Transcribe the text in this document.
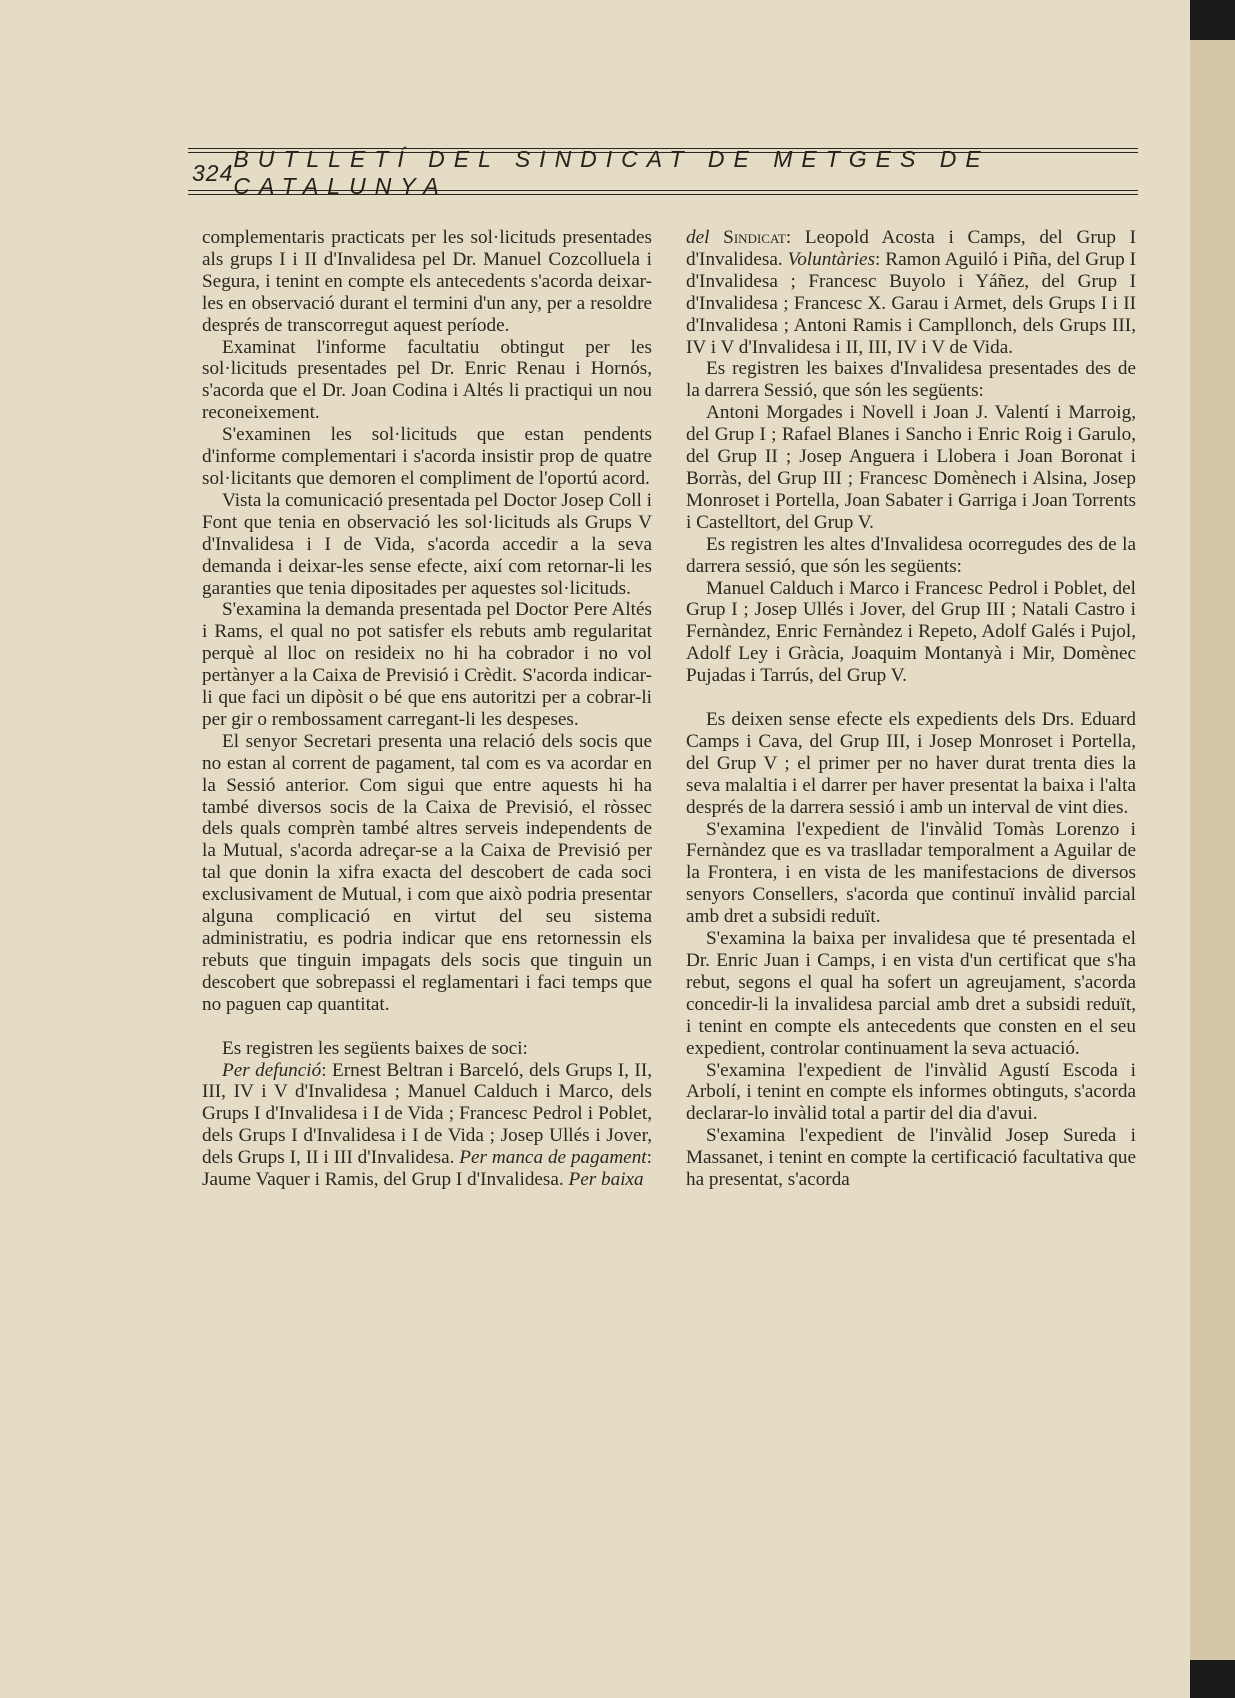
324
BUTLLETÍ DEL SINDICAT DE METGES DE CATALUNYA

complementaris practicats per les sol·licituds presentades als grups I i II d'Invalidesa pel Dr. Manuel Cozcolluela i Segura, i tenint en compte els antecedents s'acorda deixar-les en observació durant el termini d'un any, per a resoldre després de transcorregut aquest període.

Examinat l'informe facultatiu obtingut per les sol·licituds presentades pel Dr. Enric Renau i Hornós, s'acorda que el Dr. Joan Codina i Altés li practiqui un nou reconeixement.

S'examinen les sol·licituds que estan pendents d'informe complementari i s'acorda insistir prop de quatre sol·licitants que demoren el compliment de l'oportú acord.

Vista la comunicació presentada pel Doctor Josep Coll i Font que tenia en observació les sol·licituds als Grups V d'Invalidesa i I de Vida, s'acorda accedir a la seva demanda i deixar-les sense efecte, així com retornar-li les garanties que tenia dipositades per aquestes sol·licituds.

S'examina la demanda presentada pel Doctor Pere Altés i Rams, el qual no pot satisfer els rebuts amb regularitat perquè al lloc on resideix no hi ha cobrador i no vol pertànyer a la Caixa de Previsió i Crèdit. S'acorda indicar-li que faci un dipòsit o bé que ens autoritzi per a cobrar-li per gir o rembossament carregant-li les despeses.

El senyor Secretari presenta una relació dels socis que no estan al corrent de pagament, tal com es va acordar en la Sessió anterior. Com sigui que entre aquests hi ha també diversos socis de la Caixa de Previsió, el ròssec dels quals comprèn també altres serveis independents de la Mutual, s'acorda adreçar-se a la Caixa de Previsió per tal que donin la xifra exacta del descobert de cada soci exclusivament de Mutual, i com que això podria presentar alguna complicació en virtut del seu sistema administratiu, es podria indicar que ens retornessin els rebuts que tinguin impagats dels socis que tinguin un descobert que sobrepassi el reglamentari i faci temps que no paguen cap quantitat.

Es registren les següents baixes de soci:

Per defunció: Ernest Beltran i Barceló, dels Grups I, II, III, IV i V d'Invalidesa ; Manuel Calduch i Marco, dels Grups I d'Invalidesa i I de Vida ; Francesc Pedrol i Poblet, dels Grups I d'Invalidesa i I de Vida ; Josep Ullés i Jover, dels Grups I, II i III d'Invalidesa. Per manca de pagament: Jaume Vaquer i Ramis, del Grup I d'Invalidesa. Per baixa

del Sindicat: Leopold Acosta i Camps, del Grup I d'Invalidesa. Voluntàries: Ramon Aguiló i Piña, del Grup I d'Invalidesa ; Francesc Buyolo i Yáñez, del Grup I d'Invalidesa ; Francesc X. Garau i Armet, dels Grups I i II d'Invalidesa ; Antoni Ramis i Campllonch, dels Grups III, IV i V d'Invalidesa i II, III, IV i V de Vida.

Es registren les baixes d'Invalidesa presentades des de la darrera Sessió, que són les següents:

Antoni Morgades i Novell i Joan J. Valentí i Marroig, del Grup I ; Rafael Blanes i Sancho i Enric Roig i Garulo, del Grup II ; Josep Anguera i Llobera i Joan Boronat i Borràs, del Grup III ; Francesc Domènech i Alsina, Josep Monroset i Portella, Joan Sabater i Garriga i Joan Torrents i Castelltort, del Grup V.

Es registren les altes d'Invalidesa ocorregudes des de la darrera sessió, que són les següents:

Manuel Calduch i Marco i Francesc Pedrol i Poblet, del Grup I ; Josep Ullés i Jover, del Grup III ; Natali Castro i Fernàndez, Enric Fernàndez i Repeto, Adolf Galés i Pujol, Adolf Ley i Gràcia, Joaquim Montanyà i Mir, Domènec Pujadas i Tarrús, del Grup V.

Es deixen sense efecte els expedients dels Drs. Eduard Camps i Cava, del Grup III, i Josep Monroset i Portella, del Grup V ; el primer per no haver durat trenta dies la seva malaltia i el darrer per haver presentat la baixa i l'alta després de la darrera sessió i amb un interval de vint dies.

S'examina l'expedient de l'invàlid Tomàs Lorenzo i Fernàndez que es va traslladar temporalment a Aguilar de la Frontera, i en vista de les manifestacions de diversos senyors Consellers, s'acorda que continuï invàlid parcial amb dret a subsidi reduït.

S'examina la baixa per invalidesa que té presentada el Dr. Enric Juan i Camps, i en vista d'un certificat que s'ha rebut, segons el qual ha sofert un agreujament, s'acorda concedir-li la invalidesa parcial amb dret a subsidi reduït, i tenint en compte els antecedents que consten en el seu expedient, controlar continuament la seva actuació.

S'examina l'expedient de l'invàlid Agustí Escoda i Arbolí, i tenint en compte els informes obtinguts, s'acorda declarar-lo invàlid total a partir del dia d'avui.

S'examina l'expedient de l'invàlid Josep Sureda i Massanet, i tenint en compte la certificació facultativa que ha presentat, s'acorda
